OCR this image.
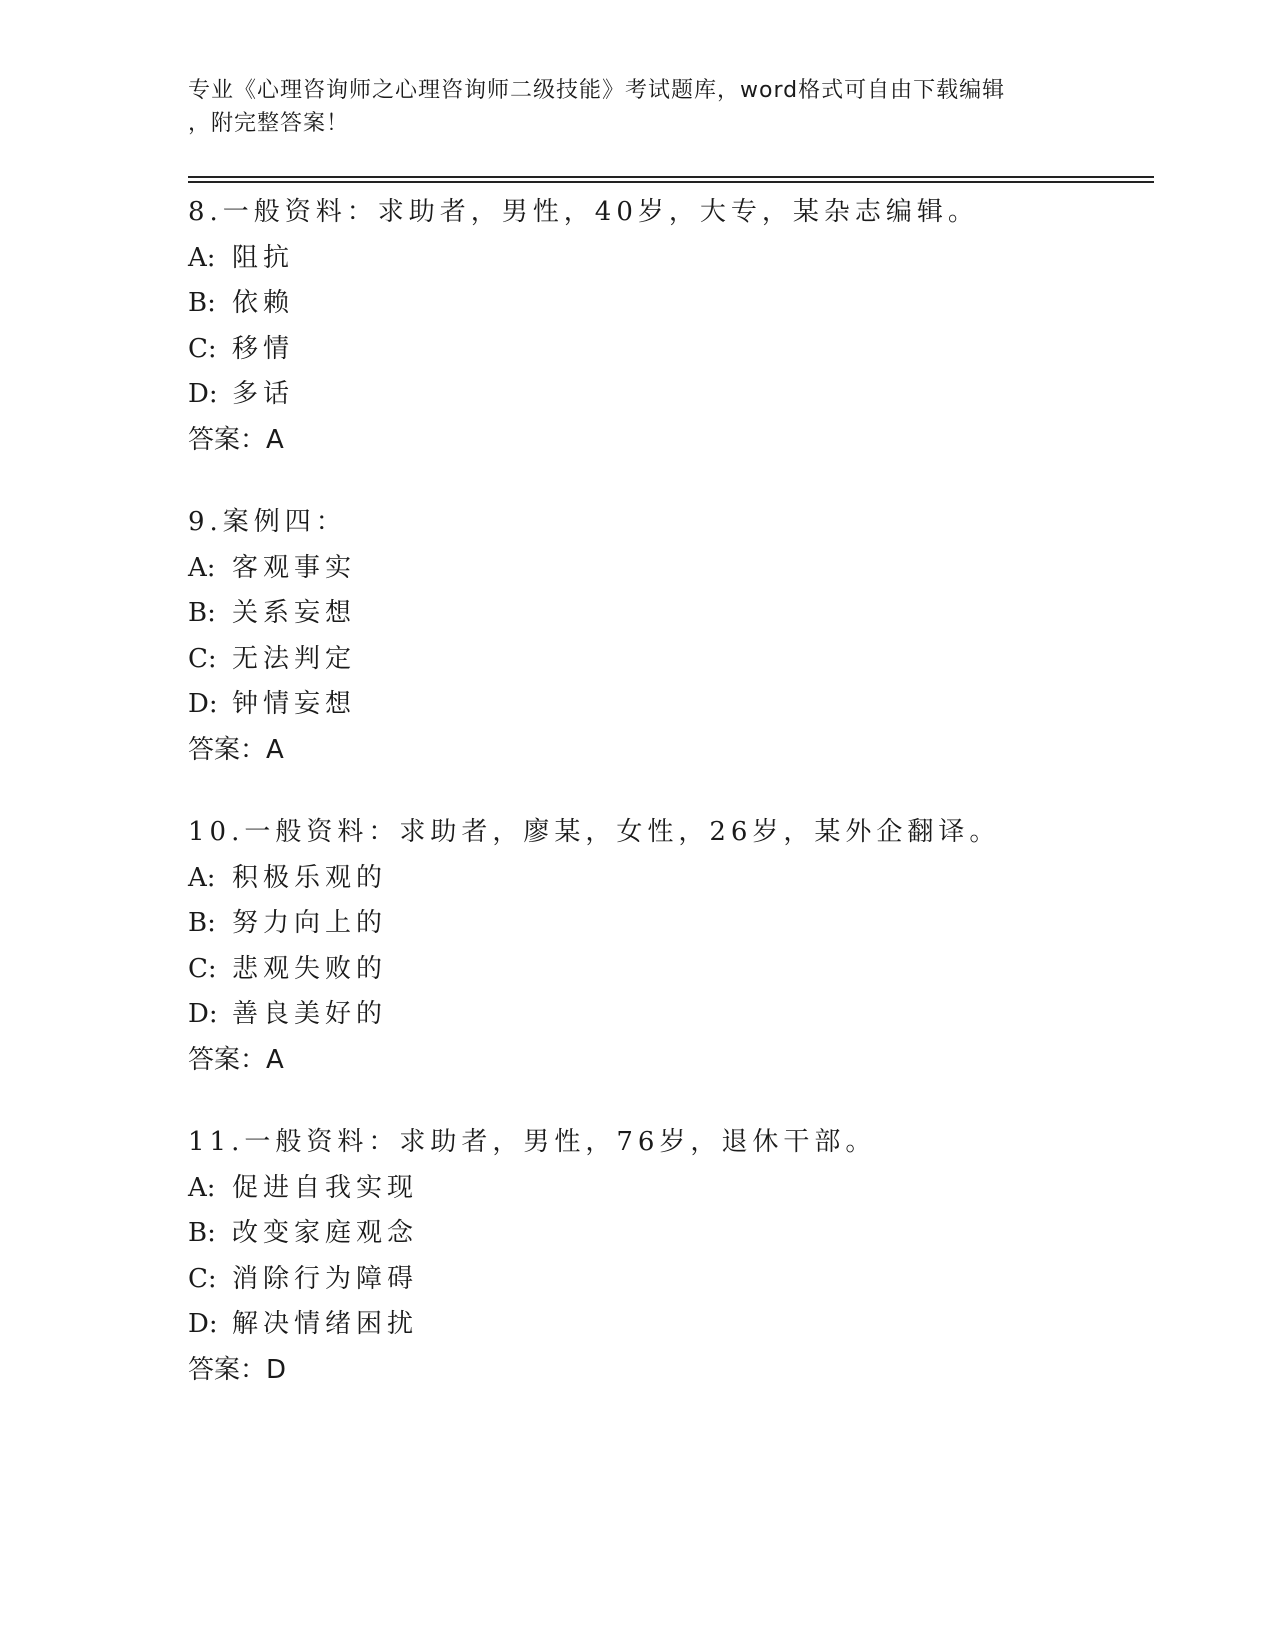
专业《心理咨询师之心理咨询师二级技能》考试题库，word格式可自由下载编辑
，附完整答案！
8.一般资料：求助者，男性，40岁，大专，某杂志编辑。
A: 阻抗
B: 依赖
C: 移情
D: 多话
答案：A
9.案例四：
A: 客观事实
B: 关系妄想
C: 无法判定
D: 钟情妄想
答案：A
10.一般资料：求助者，廖某，女性，26岁，某外企翻译。
A: 积极乐观的
B: 努力向上的
C: 悲观失败的
D: 善良美好的
答案：A
11.一般资料：求助者，男性，76岁，退休干部。
A: 促进自我实现
B: 改变家庭观念
C: 消除行为障碍
D: 解决情绪困扰
答案：D
